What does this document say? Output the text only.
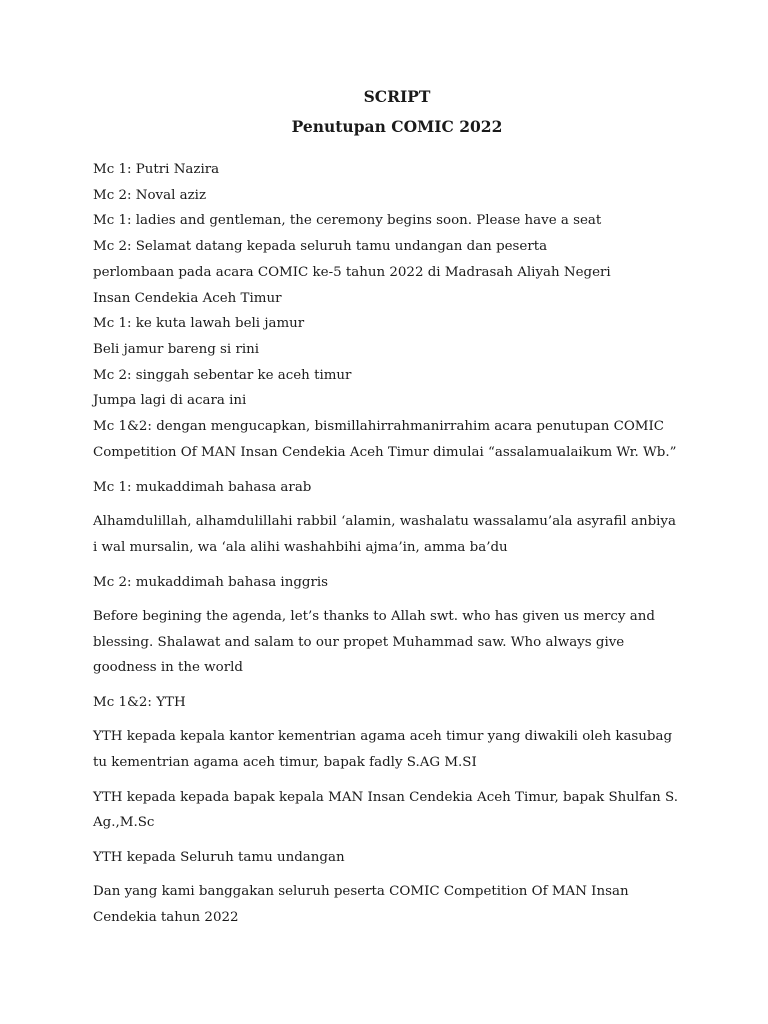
SCRIPT

Penutupan COMIC 2022

Mc 1: Putri Nazira

Mc 2: Noval aziz

Mc 1: ladies and gentleman, the ceremony begins soon. Please have a seat

Mc 2: Selamat datang kepada seluruh tamu undangan dan peserta

perlombaan pada acara COMIC ke-5 tahun 2022 di Madrasah Aliyah Negeri

Insan Cendekia Aceh Timur

Mc 1: ke kuta lawah beli jamur

Beli jamur bareng si rini

Mc 2: singgah sebentar ke aceh timur

Jumpa lagi di acara ini

Mc 1&2: dengan mengucapkan, bismillahirrahmanirrahim acara penutupan COMIC

Competition Of MAN Insan Cendekia Aceh Timur dimulai “assalamualaikum Wr. Wb.”

Mc 1: mukaddimah bahasa arab

Alhamdulillah, alhamdulillahi rabbil ‘alamin, washalatu wassalamu’ala asyrafil anbiya i wal mursalin, wa ‘ala alihi washahbihi ajma’in, amma ba’du

Mc 2: mukaddimah bahasa inggris

Before begining the agenda, let’s thanks to Allah swt. who has given us mercy and blessing. Shalawat and salam to our propet Muhammad saw. Who always give goodness in the world

Mc 1&2: YTH

YTH kepada kepala kantor kementrian agama aceh timur yang diwakili oleh kasubag tu kementrian agama aceh timur, bapak fadly S.AG M.SI

YTH kepada kepada bapak kepala MAN Insan Cendekia Aceh Timur, bapak Shulfan S. Ag.,M.Sc

YTH kepada Seluruh tamu undangan

Dan yang kami banggakan seluruh peserta COMIC Competition Of MAN Insan Cendekia tahun 2022
